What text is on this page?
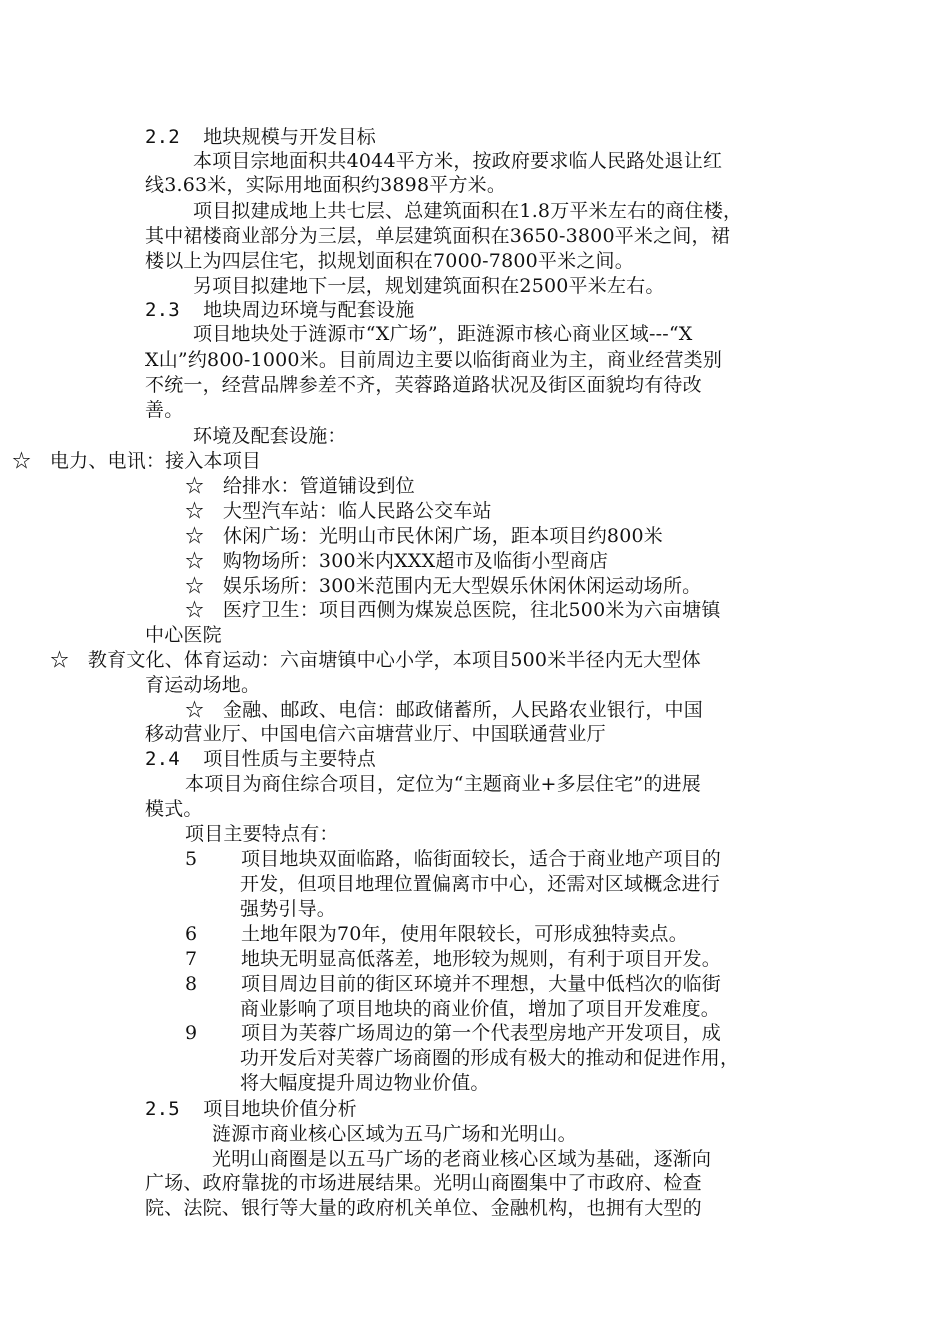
2.2  地块规模与开发目标
本项目宗地面积共4044平方米，按政府要求临人民路处退让红
线3.63米，实际用地面积约3898平方米。
项目拟建成地上共七层、总建筑面积在1.8万平米左右的商住楼，
其中裙楼商业部分为三层，单层建筑面积在3650-3800平米之间，裙
楼以上为四层住宅，拟规划面积在7000-7800平米之间。
另项目拟建地下一层，规划建筑面积在2500平米左右。
2.3  地块周边环境与配套设施
项目地块处于涟源市“X广场”，距涟源市核心商业区域---“X
X山”约800-1000米。目前周边主要以临街商业为主，商业经营类别
不统一，经营品牌参差不齐，芙蓉路道路状况及街区面貌均有待改
善。
环境及配套设施：
☆   电力、电讯：接入本项目
☆   给排水：管道铺设到位
☆   大型汽车站：临人民路公交车站
☆   休闲广场：光明山市民休闲广场，距本项目约800米
☆   购物场所：300米内XXX超市及临街小型商店
☆   娱乐场所：300米范围内无大型娱乐休闲休闲运动场所。
☆   医疗卫生：项目西侧为煤炭总医院，往北500米为六亩塘镇
中心医院
☆   教育文化、体育运动：六亩塘镇中心小学，本项目500米半径内无大型体
育运动场地。
☆   金融、邮政、电信：邮政储蓄所，人民路农业银行，中国
移动营业厅、中国电信六亩塘营业厅、中国联通营业厅
2.4  项目性质与主要特点
本项目为商住综合项目，定位为“主题商业+多层住宅”的进展
模式。
项目主要特点有：
5       项目地块双面临路，临街面较长，适合于商业地产项目的
开发，但项目地理位置偏离市中心，还需对区域概念进行
强势引导。
6       土地年限为70年，使用年限较长，可形成独特卖点。
7       地块无明显高低落差，地形较为规则，有利于项目开发。
8       项目周边目前的街区环境并不理想，大量中低档次的临街
商业影响了项目地块的商业价值，增加了项目开发难度。
9       项目为芙蓉广场周边的第一个代表型房地产开发项目，成
功开发后对芙蓉广场商圈的形成有极大的推动和促进作用，
将大幅度提升周边物业价值。
2.5  项目地块价值分析
涟源市商业核心区域为五马广场和光明山。
光明山商圈是以五马广场的老商业核心区域为基础，逐渐向
广场、政府靠拢的市场进展结果。光明山商圈集中了市政府、检查
院、法院、银行等大量的政府机关单位、金融机构，也拥有大型的
